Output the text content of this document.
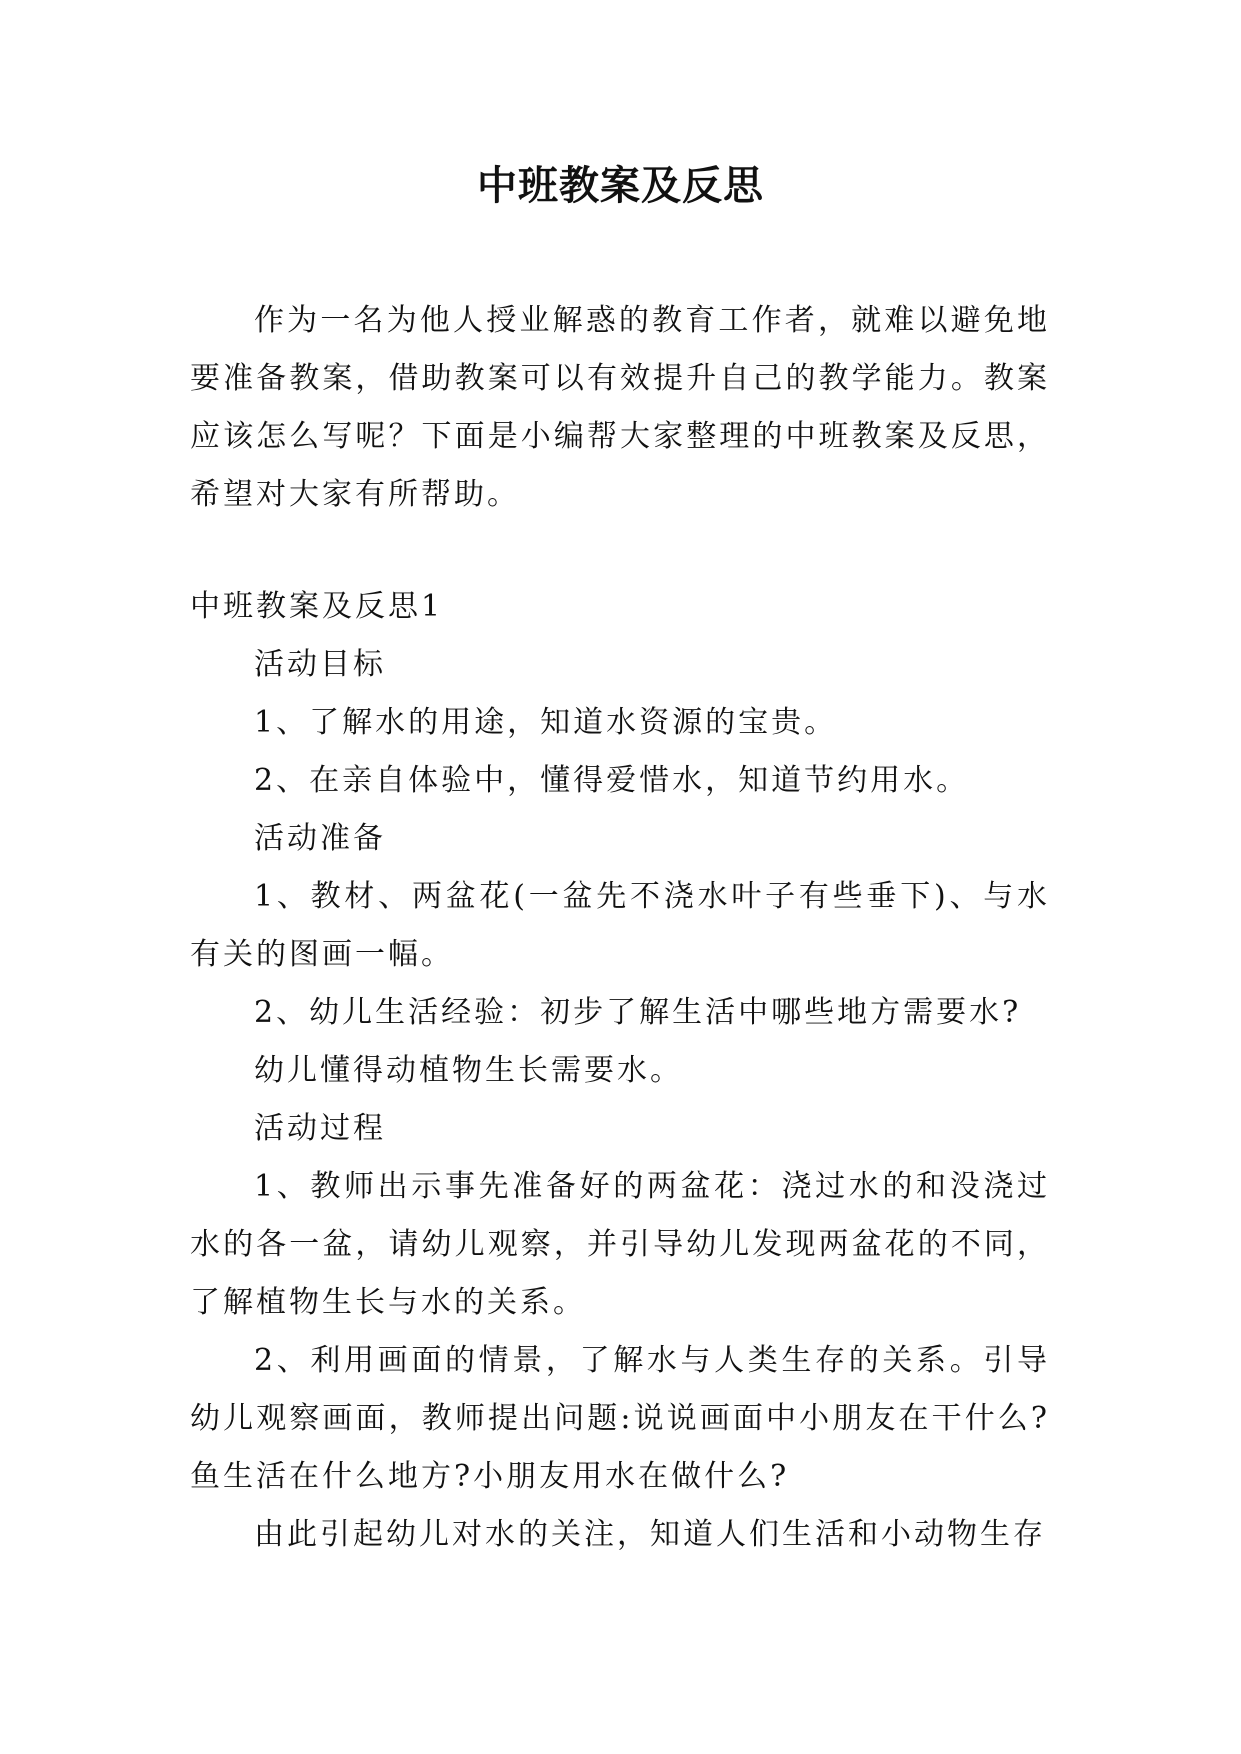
中班教案及反思
作为一名为他人授业解惑的教育工作者，就难以避免地要准备教案，借助教案可以有效提升自己的教学能力。教案应该怎么写呢？下面是小编帮大家整理的中班教案及反思，希望对大家有所帮助。
中班教案及反思1
活动目标
1、了解水的用途，知道水资源的宝贵。
2、在亲自体验中，懂得爱惜水，知道节约用水。
活动准备
1、教材、两盆花(一盆先不浇水叶子有些垂下)、与水有关的图画一幅。
2、幼儿生活经验：初步了解生活中哪些地方需要水?
幼儿懂得动植物生长需要水。
活动过程
1、教师出示事先准备好的两盆花：浇过水的和没浇过水的各一盆，请幼儿观察，并引导幼儿发现两盆花的不同，了解植物生长与水的关系。
2、利用画面的情景，了解水与人类生存的关系。引导幼儿观察画面，教师提出问题:说说画面中小朋友在干什么?鱼生活在什么地方?小朋友用水在做什么?
由此引起幼儿对水的关注，知道人们生活和小动物生存
